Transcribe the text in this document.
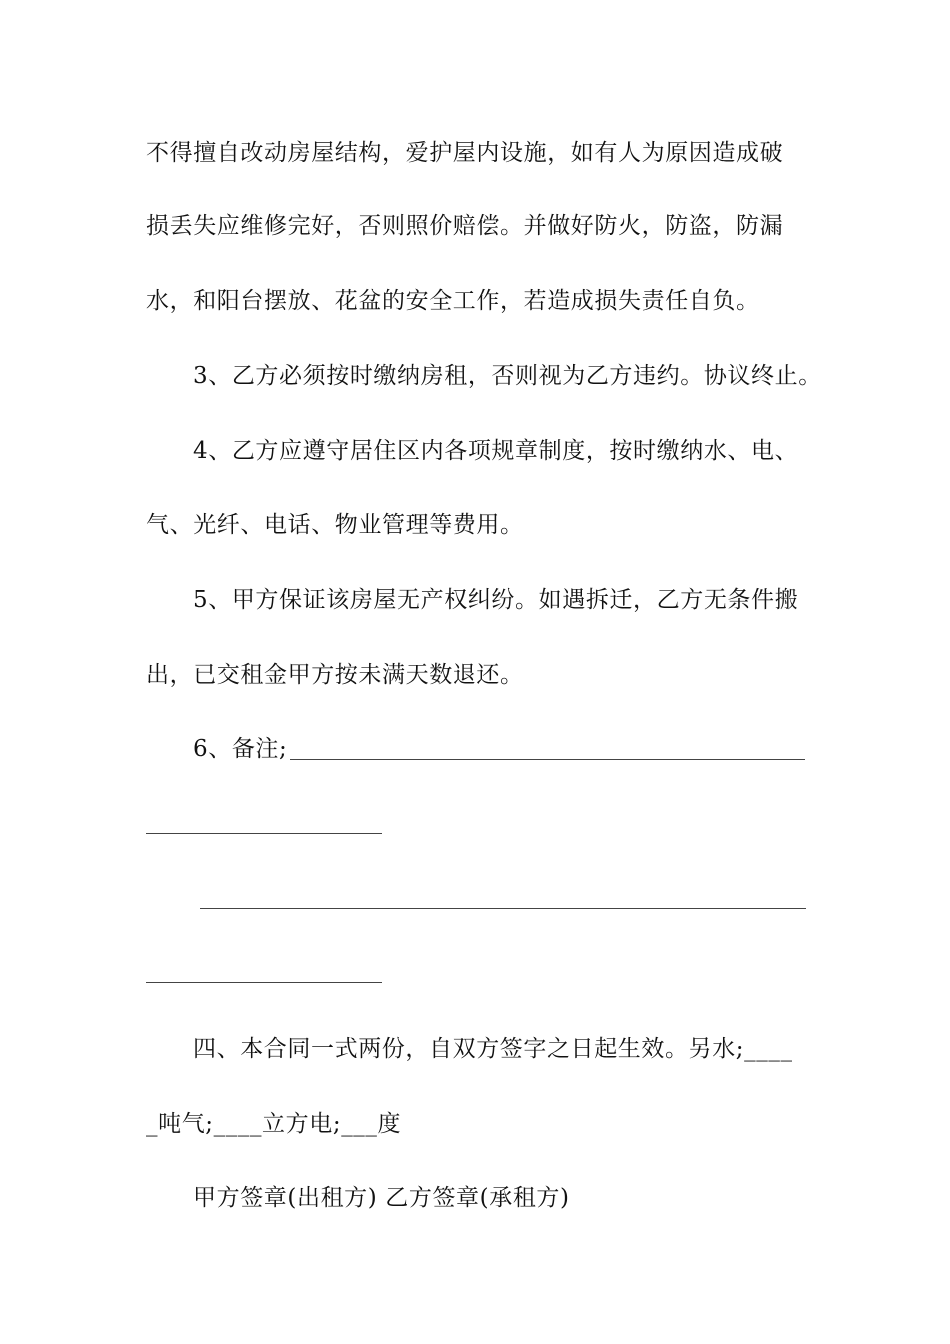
不得擅自改动房屋结构，爱护屋内设施，如有人为原因造成破
损丢失应维修完好，否则照价赔偿。并做好防火，防盗，防漏
水，和阳台摆放、花盆的安全工作，若造成损失责任自负。
3、乙方必须按时缴纳房租，否则视为乙方违约。协议终止。
4、乙方应遵守居住区内各项规章制度，按时缴纳水、电、
气、光纤、电话、物业管理等费用。
5、甲方保证该房屋无产权纠纷。如遇拆迁，乙方无条件搬
出，已交租金甲方按未满天数退还。
6、备注;
四、本合同一式两份，自双方签字之日起生效。另水;____
_吨气;____立方电;___度
甲方签章(出租方) 乙方签章(承租方)
